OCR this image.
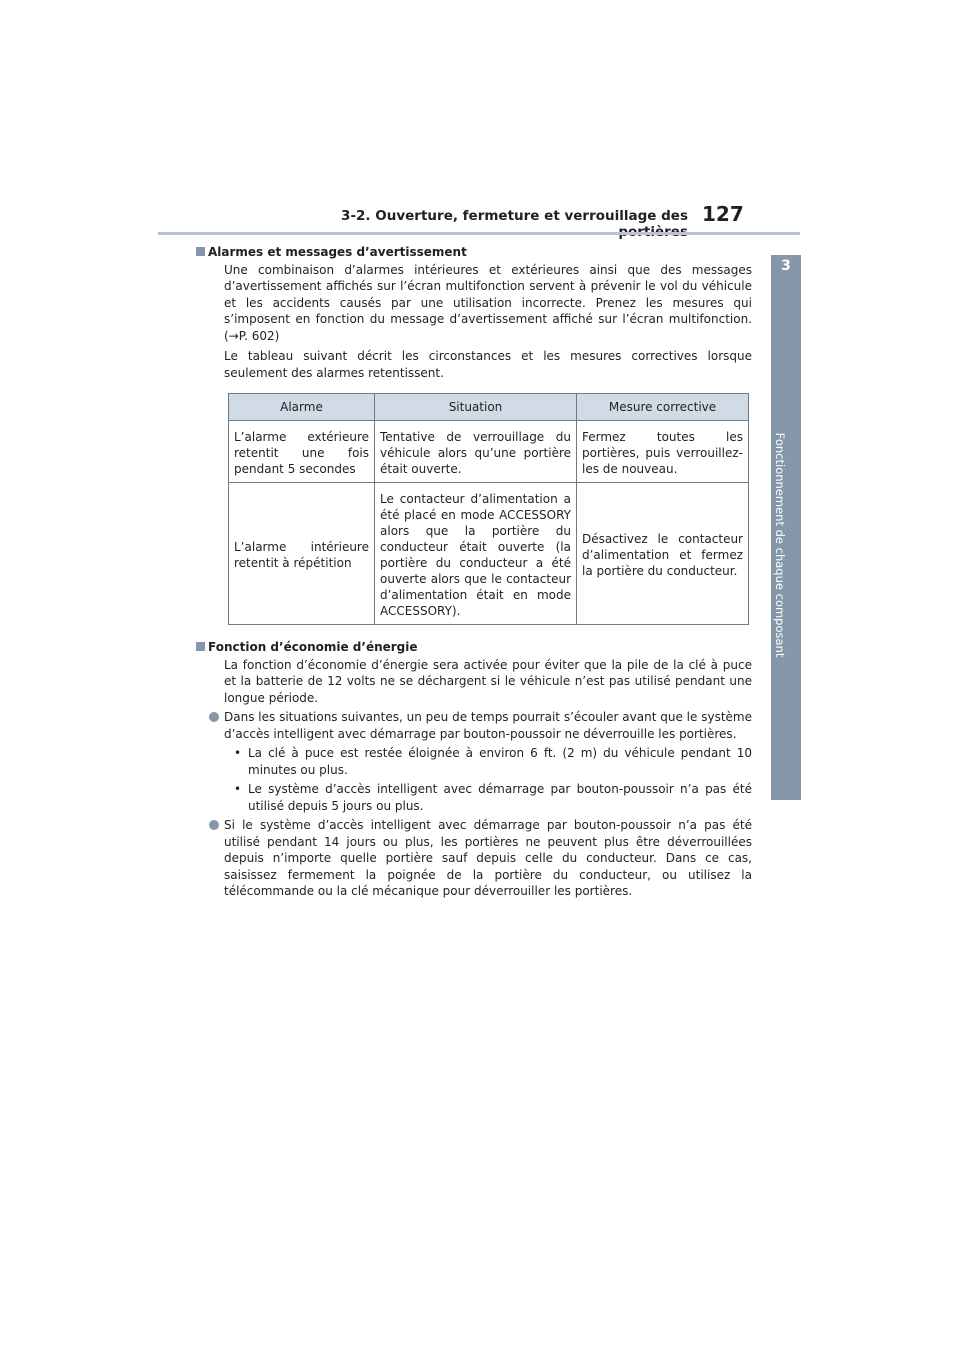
3-2. Ouverture, fermeture et verrouillage des 127
3
Fonctionnement de chaque composant
Alarmes et messages d’avertissement
Une combinaison d’alarmes intérieures et extérieures ainsi que des messages d’avertissement affichés sur l’écran multifonction servent à prévenir le vol du véhicule et les accidents causés par une utilisation incorrecte. Prenez les mesures qui s’imposent en fonction du message d’avertissement affiché sur l’écran multifonction. (→P. 602)
Le tableau suivant décrit les circonstances et les mesures correctives lorsque seulement des alarmes retentissent.
Alarme	Situation	Mesure corrective
L’alarme extérieure retentit une fois pendant 5 secondes	Tentative de verrouillage du véhicule alors qu’une portière était ouverte.	Fermez toutes les portières, puis verrouillez-les de nouveau.
L’alarme intérieure retentit à répétition	Le contacteur d’alimentation a été placé en mode ACCESSORY alors que la portière du conducteur était ouverte (la portière du conducteur a été ouverte alors que le contacteur d’alimentation était en mode ACCESSORY).	Désactivez le contacteur d’alimentation et fermez la portière du conducteur.
Fonction d’économie d’énergie
La fonction d’économie d’énergie sera activée pour éviter que la pile de la clé à puce et la batterie de 12 volts ne se déchargent si le véhicule n’est pas utilisé pendant une longue période.
Dans les situations suivantes, un peu de temps pourrait s’écouler avant que le système d’accès intelligent avec démarrage par bouton-poussoir ne déverrouille les portières.
• La clé à puce est restée éloignée à environ 6 ft. (2 m) du véhicule pendant 10 minutes ou plus.
• Le système d’accès intelligent avec démarrage par bouton-poussoir n’a pas été utilisé depuis 5 jours ou plus.
Si le système d’accès intelligent avec démarrage par bouton-poussoir n’a pas été utilisé pendant 14 jours ou plus, les portières ne peuvent plus être déverrouillées depuis n’importe quelle portière sauf depuis celle du conducteur. Dans ce cas, saisissez fermement la poignée de la portière du conducteur, ou utilisez la télécommande ou la clé mécanique pour déverrouiller les portières.
